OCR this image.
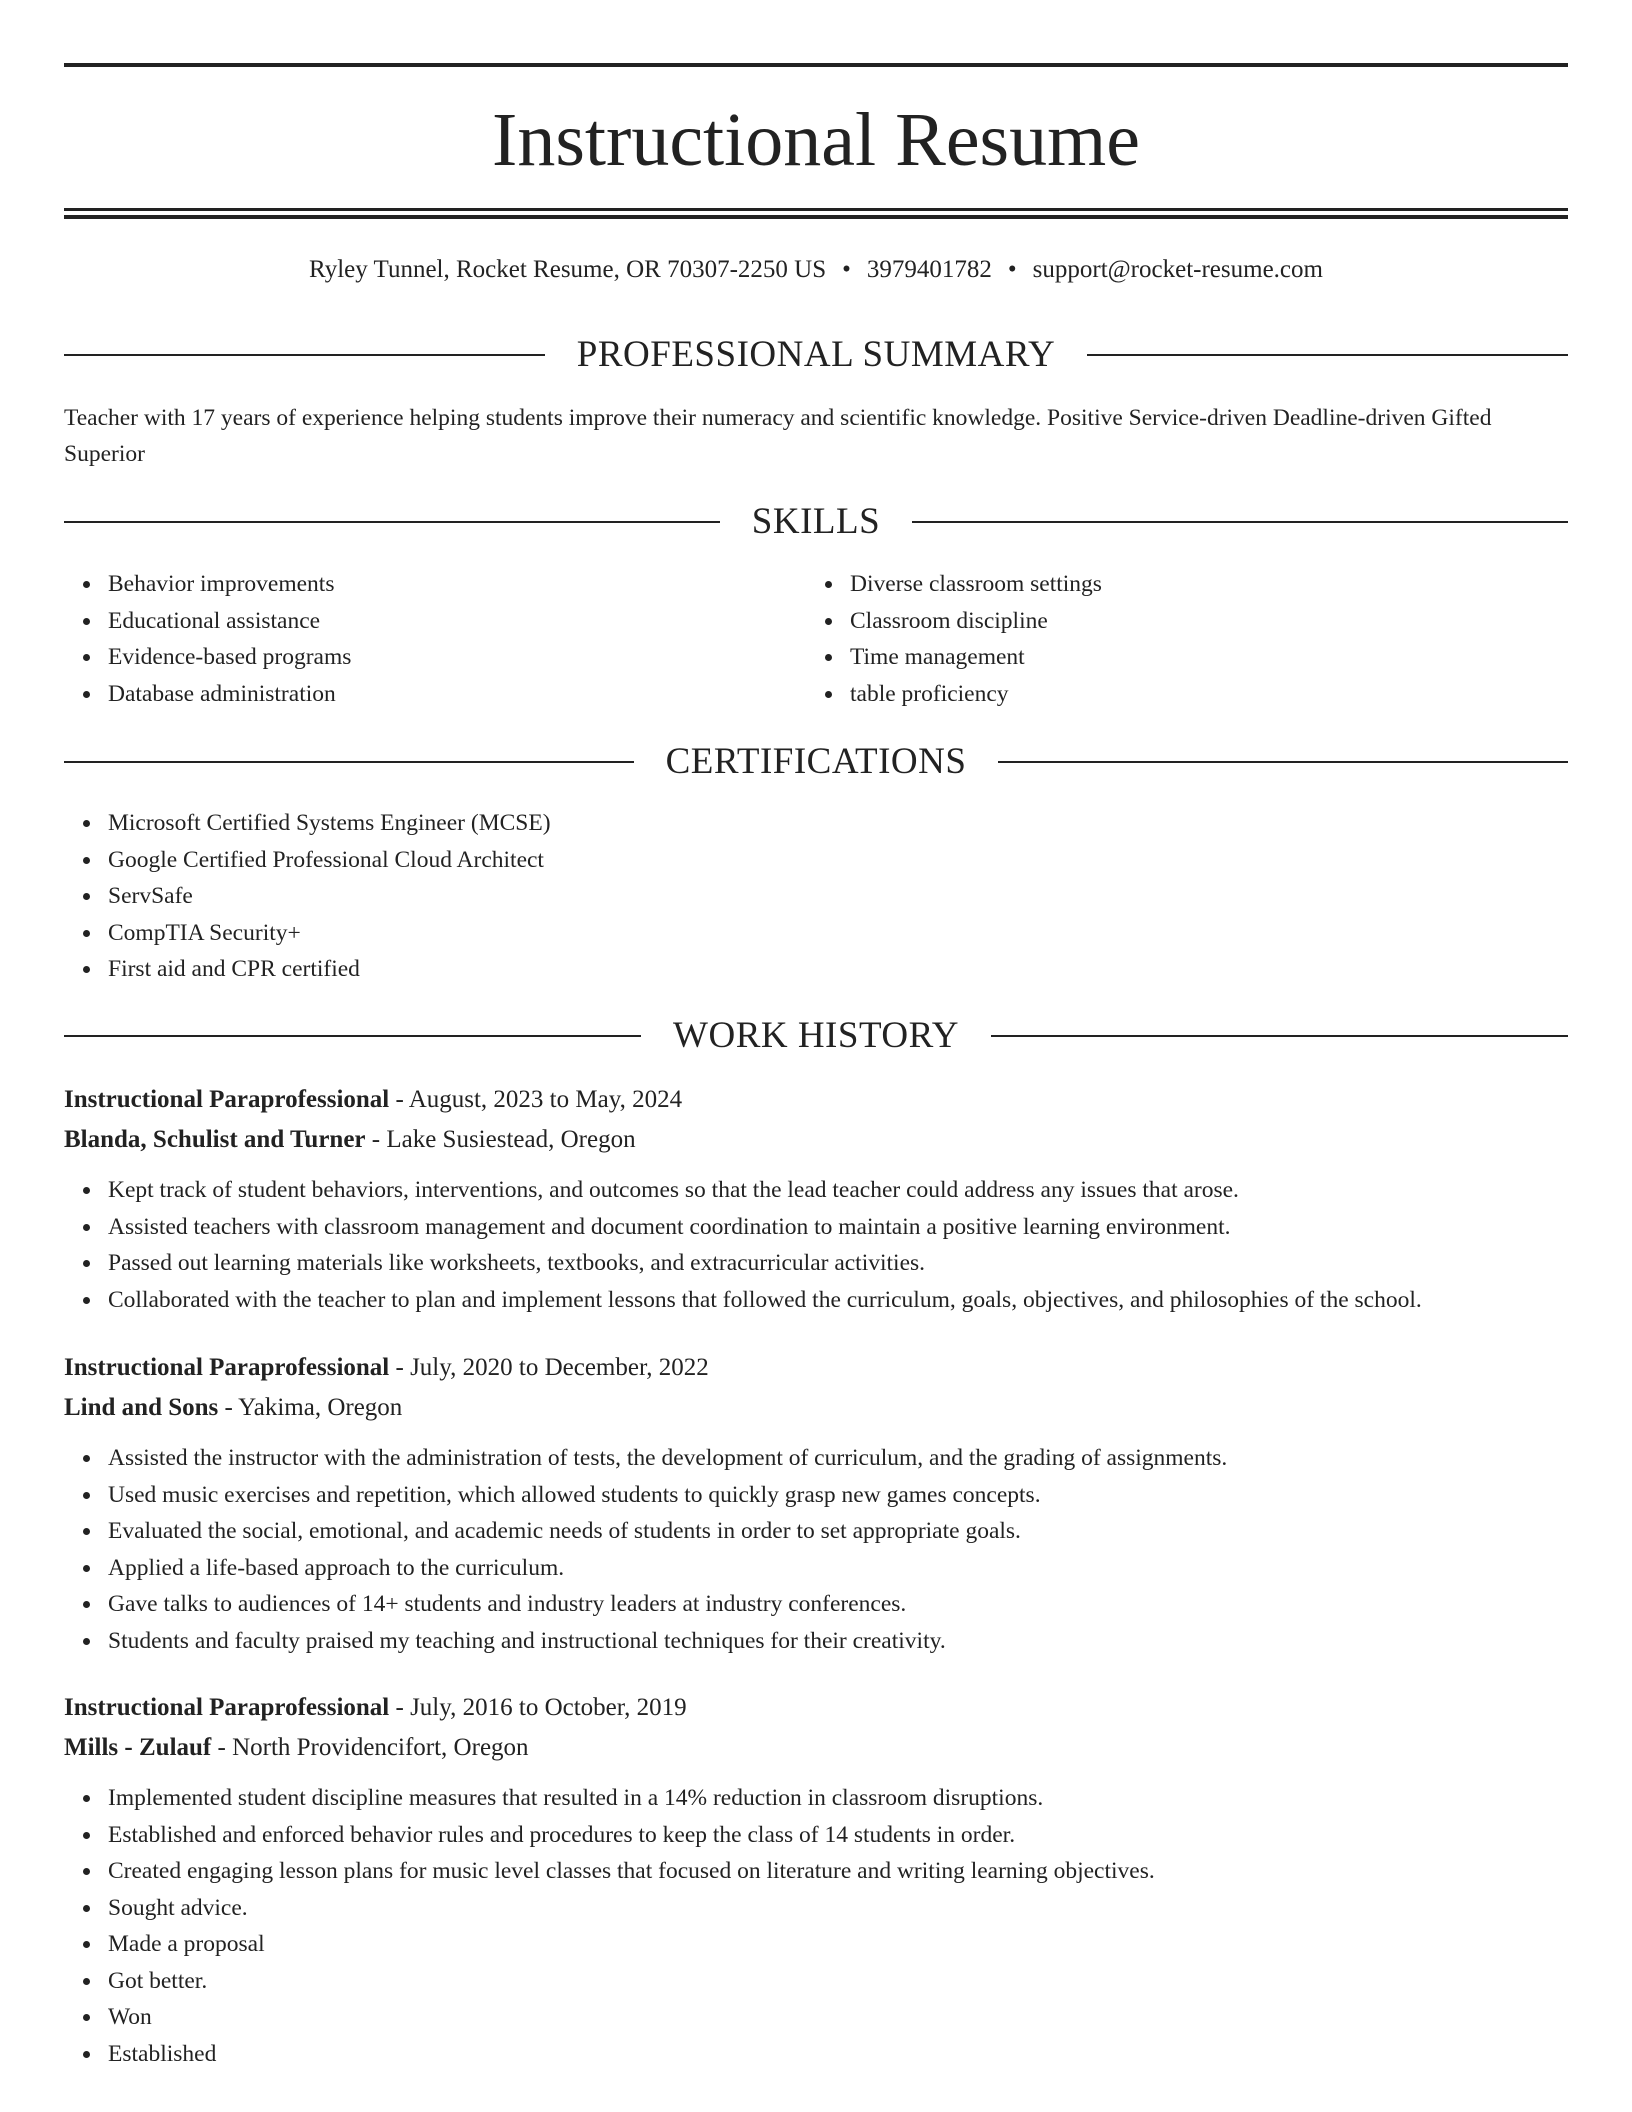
Instructional Resume
Ryley Tunnel, Rocket Resume, OR 70307-2250 US • 3979401782 • support@rocket-resume.com
PROFESSIONAL SUMMARY

Teacher with 17 years of experience helping students improve their numeracy and scientific knowledge. Positive Service-driven Deadline-driven Gifted Superior

SKILLS
Behavior improvements
Educational assistance
Evidence-based programs
Database administration
Diverse classroom settings
Classroom discipline
Time management
table proficiency
CERTIFICATIONS
Microsoft Certified Systems Engineer (MCSE)
Google Certified Professional Cloud Architect
ServSafe
CompTIA Security+
First aid and CPR certified
WORK HISTORY
Instructional Paraprofessional - August, 2023 to May, 2024
Blanda, Schulist and Turner - Lake Susiestead, Oregon
Kept track of student behaviors, interventions, and outcomes so that the lead teacher could address any issues that arose.
Assisted teachers with classroom management and document coordination to maintain a positive learning environment.
Passed out learning materials like worksheets, textbooks, and extracurricular activities.
Collaborated with the teacher to plan and implement lessons that followed the curriculum, goals, objectives, and philosophies of the school.
Instructional Paraprofessional - July, 2020 to December, 2022
Lind and Sons - Yakima, Oregon
Assisted the instructor with the administration of tests, the development of curriculum, and the grading of assignments.
Used music exercises and repetition, which allowed students to quickly grasp new games concepts.
Evaluated the social, emotional, and academic needs of students in order to set appropriate goals.
Applied a life-based approach to the curriculum.
Gave talks to audiences of 14+ students and industry leaders at industry conferences.
Students and faculty praised my teaching and instructional techniques for their creativity.
Instructional Paraprofessional - July, 2016 to October, 2019
Mills - Zulauf - North Providencifort, Oregon
Implemented student discipline measures that resulted in a 14% reduction in classroom disruptions.
Established and enforced behavior rules and procedures to keep the class of 14 students in order.
Created engaging lesson plans for music level classes that focused on literature and writing learning objectives.
Sought advice.
Made a proposal
Got better.
Won
Established
